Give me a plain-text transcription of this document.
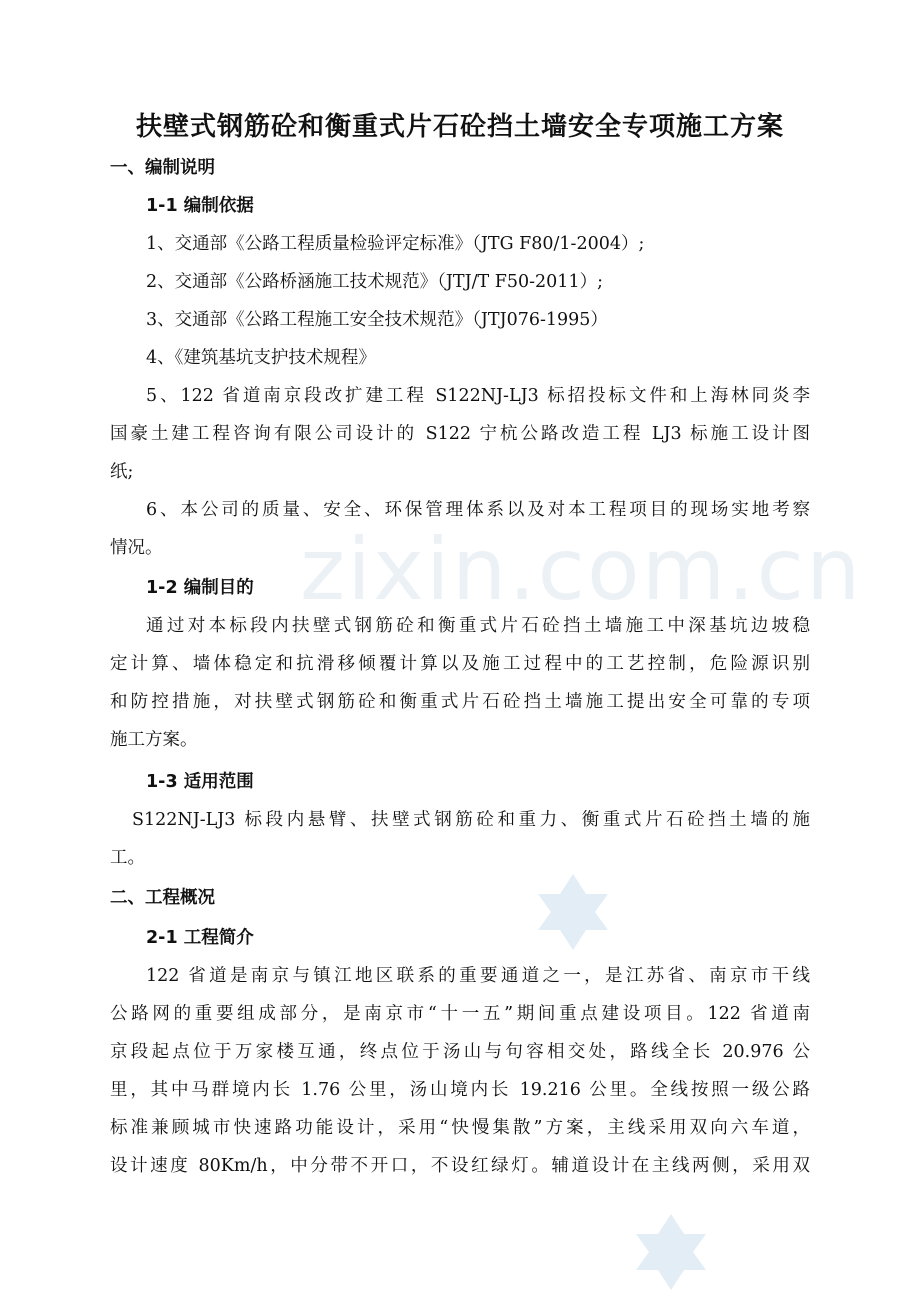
zixin.com.cn
扶壁式钢筋砼和衡重式片石砼挡土墙安全专项施工方案
一、编制说明
1-1 编制依据
1、交通部《公路工程质量检验评定标准》（JTG F80/1-2004）;
2、交通部《公路桥涵施工技术规范》（JTJ/T F50-2011）;
3、交通部《公路工程施工安全技术规范》（JTJ076-1995）
4、《建筑基坑支护技术规程》
5、122 省道南京段改扩建工程 S122NJ-LJ3 标招投标文件和上海林同炎李
国豪土建工程咨询有限公司设计的 S122 宁杭公路改造工程 LJ3 标施工设计图
纸;
6、本公司的质量、安全、环保管理体系以及对本工程项目的现场实地考察
情况。
1-2 编制目的
通过对本标段内扶壁式钢筋砼和衡重式片石砼挡土墙施工中深基坑边坡稳
定计算、墙体稳定和抗滑移倾覆计算以及施工过程中的工艺控制，危险源识别
和防控措施，对扶壁式钢筋砼和衡重式片石砼挡土墙施工提出安全可靠的专项
施工方案。
1-3 适用范围
S122NJ-LJ3 标段内悬臂、扶壁式钢筋砼和重力、衡重式片石砼挡土墙的施
工。
二、工程概况
2-1 工程简介
122 省道是南京与镇江地区联系的重要通道之一，是江苏省、南京市干线
公路网的重要组成部分，是南京市“十一五”期间重点建设项目。122 省道南
京段起点位于万家楼互通，终点位于汤山与句容相交处，路线全长 20.976 公
里，其中马群境内长 1.76 公里，汤山境内长 19.216 公里。全线按照一级公路
标准兼顾城市快速路功能设计，采用“快慢集散”方案，主线采用双向六车道，
设计速度 80Km/h，中分带不开口，不设红绿灯。辅道设计在主线两侧，采用双
